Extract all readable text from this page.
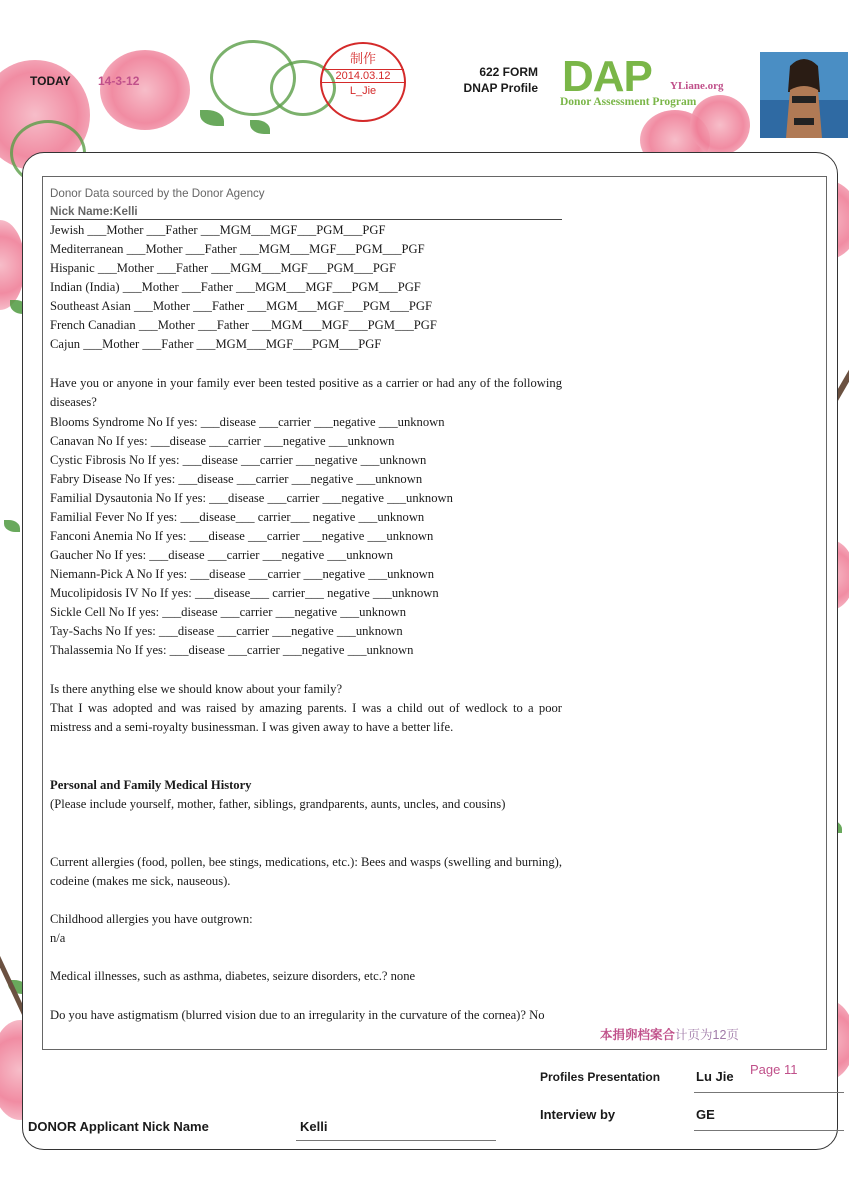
TODAY 14-3-12
制作
2014.03.12
L_Jie
622 FORM
DNAP Profile DAP YLiane.org
Donor Assessment Program
Donor Data sourced by the Donor Agency
Nick Name:Kelli
Jewish ___Mother ___Father ___MGM___MGF___PGM___PGF
Mediterranean ___Mother ___Father ___MGM___MGF___PGM___PGF
Hispanic ___Mother ___Father ___MGM___MGF___PGM___PGF
Indian (India) ___Mother ___Father ___MGM___MGF___PGM___PGF
Southeast Asian ___Mother ___Father ___MGM___MGF___PGM___PGF
French Canadian ___Mother ___Father ___MGM___MGF___PGM___PGF
Cajun ___Mother ___Father ___MGM___MGF___PGM___PGF
Have you or anyone in your family ever been tested positive as a carrier or had any of the following diseases?
Blooms Syndrome No If yes: ___disease ___carrier ___negative ___unknown
Canavan No If yes: ___disease ___carrier ___negative ___unknown
Cystic Fibrosis No If yes: ___disease ___carrier ___negative ___unknown
Fabry Disease No If yes: ___disease ___carrier ___negative ___unknown
Familial Dysautonia No If yes: ___disease ___carrier ___negative ___unknown
Familial Fever No If yes: ___disease___ carrier___ negative ___unknown
Fanconi Anemia No If yes: ___disease ___carrier ___negative ___unknown
Gaucher No If yes: ___disease ___carrier ___negative ___unknown
Niemann-Pick A No If yes: ___disease ___carrier ___negative ___unknown
Mucolipidosis IV No If yes: ___disease___ carrier___ negative ___unknown
Sickle Cell No If yes: ___disease ___carrier ___negative ___unknown
Tay-Sachs No If yes: ___disease ___carrier ___negative ___unknown
Thalassemia No If yes: ___disease ___carrier ___negative ___unknown
Is there anything else we should know about your family?
That I was adopted and was raised by amazing parents. I was a child out of wedlock to a poor mistress and a semi-royalty businessman. I was given away to have a better life.
Personal and Family Medical History
(Please include yourself, mother, father, siblings, grandparents, aunts, uncles, and cousins)
Current allergies (food, pollen, bee stings, medications, etc.): Bees and wasps (swelling and burning), codeine (makes me sick, nauseous).
Childhood allergies you have outgrown:
n/a
Medical illnesses, such as asthma, diabetes, seizure disorders, etc.? none
Do you have astigmatism (blurred vision due to an irregularity in the curvature of the cornea)? No
本捐卵档案合计页为12页
Profiles Presentation	Lu Jie Page 11
Interview by	GE
DONOR Applicant Nick Name	Kelli
